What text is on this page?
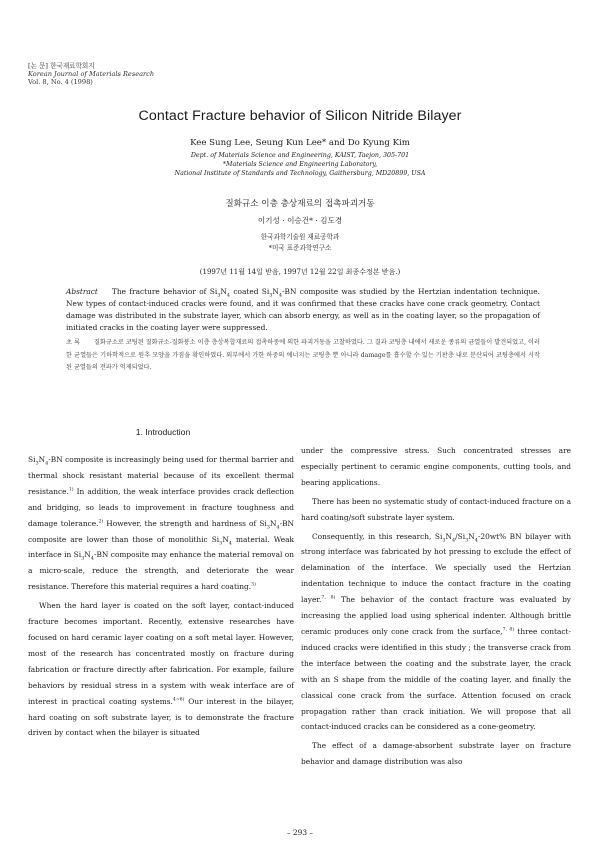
[논 문] 한국재료학회지
Korean Journal of Materials Research
Vol. 8, No. 4 (1998)
Contact Fracture behavior of Silicon Nitride Bilayer
Kee Sung Lee, Seung Kun Lee* and Do Kyung Kim
Dept. of Materials Science and Engineering, KAIST, Taejon, 305-701
*Materials Science and Engineering Laboratory,
National Institute of Standards and Technology, Gaithersburg, MD20899, USA
질화규소 이층 층상재료의 접촉파괴거동
이기성 · 이승건* · 김도경
한국과학기술원 재료공학과
*미국 표준과학연구소
(1997년 11월 14일 받음, 1997년 12월 22일 최종수정본 받음.)
Abstract The fracture behavior of $Si_3N_4$ coated $Si_3N_4-BN$ composite was studied by the Hertzian indentation technique. New types of contact-induced cracks were found, and it was confirmed that these cracks have cone crack geometry. Contact damage was distributed in the substrate layer, which can absorb energy, as well as in the coating layer, so the propagation of initiated cracks in the coating layer were suppressed.
초 록 질화규소로 코팅된 질화규소-질화붕소 이층 층상복합재료의 접촉하중에 의한 파괴거동을 고찰하였다. 그 결과 코팅층 내에서 새로운 종류의 균열들이 발견되었고, 이러한 균열들은 기하학적으로 원추 모양을 가짐을 확인하였다. 외부에서 가한 하중의 에너지는 코팅층 뿐 아니라 damage를 흡수할 수 있는 기판층 내로 분산되어 코팅층에서 시작된 균열들의 전파가 억제되었다.
1. Introduction

$Si_3N_4-BN$ composite is increasingly being used for thermal barrier and thermal shock resistant material because of its excellent thermal resistance.$^{1)}$ In addition, the weak interface provides crack deflection and bridging, so leads to improvement in fracture toughness and damage tolerance.$^{2)}$ However, the strength and hardness of $Si_3N_4-BN$ composite are lower than those of monolithic $Si_3N_4$ material. Weak interface in $Si_3N_4-BN$ composite may enhance the material removal on a micro-scale, reduce the strength, and deteriorate the wear resistance. Therefore this material requires a hard coating.$^{3)}$

When the hard layer is coated on the soft layer, contact-induced fracture becomes important. Recently, extensive researches have focused on hard ceramic layer coating on a soft metal layer. However, most of the research has concentrated mostly on fracture during fabrication or fracture directly after fabrication. For example, failure behaviors by residual stress in a system with weak interface are of interest in practical coating systems.$^{4\sim 6)}$ Our interest in the bilayer, hard coating on soft substrate layer, is to demonstrate the fracture driven by contact when the bilayer is situated

under the compressive stress. Such concentrated stresses are especially pertinent to ceramic engine components, cutting tools, and bearing applications.

There has been no systematic study of contact-induced fracture on a hard coating/soft substrate layer system.

Consequently, in this research, $Si_3N_4/Si_3N_4-20wt\%$ BN bilayer with strong interface was fabricated by hot pressing to exclude the effect of delamination of the interface. We specially used the Hertzian indentation technique to induce the contact fracture in the coating layer.$^{7, 8)}$ The behavior of the contact fracture was evaluated by increasing the applied load using spherical indenter. Although brittle ceramic produces only cone crack from the surface,$^{7, 8)}$ three contact-induced cracks were identified in this study ; the transverse crack from the interface between the coating and the substrate layer, the crack with an S shape from the middle of the coating layer, and finally the classical cone crack from the surface. Attention focused on crack propagation rather than crack initiation. We will propose that all contact-induced cracks can be considered as a cone-geometry.

The effect of a damage-absorbent substrate layer on fracture behavior and damage distribution was also

– 293 –
